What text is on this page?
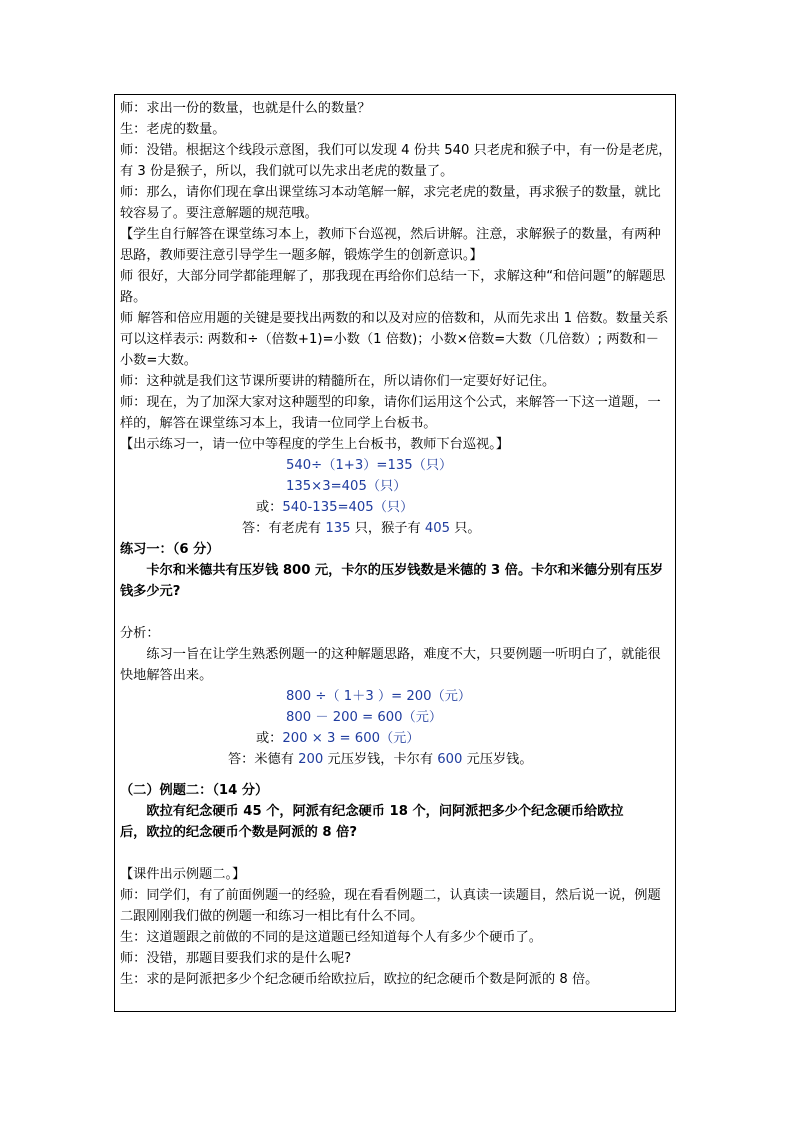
师：求出一份的数量，也就是什么的数量？

生：老虎的数量。

师：没错。根据这个线段示意图，我们可以发现 4 份共 540 只老虎和猴子中，有一份是老虎，有 3 份是猴子，所以，我们就可以先求出老虎的数量了。

师：那么，请你们现在拿出课堂练习本动笔解一解，求完老虎的数量，再求猴子的数量，就比较容易了。要注意解题的规范哦。

【学生自行解答在课堂练习本上，教师下台巡视，然后讲解。注意，求解猴子的数量，有两种思路，教师要注意引导学生一题多解，锻炼学生的创新意识。】

师 很好，大部分同学都能理解了，那我现在再给你们总结一下，求解这种“和倍问题”的解题思路。

师 解答和倍应用题的关键是要找出两数的和以及对应的倍数和，从而先求出 1 倍数。数量关系可以这样表示: 两数和÷（倍数+1)=小数（1 倍数)；小数×倍数=大数（几倍数）; 两数和－小数=大数。

师：这种就是我们这节课所要讲的精髓所在，所以请你们一定要好好记住。

师：现在，为了加深大家对这种题型的印象，请你们运用这个公式，来解答一下这一道题，一样的，解答在课堂练习本上，我请一位同学上台板书。

【出示练习一，请一位中等程度的学生上台板书，教师下台巡视。】

540÷（1+3）=135（只）

135×3=405（只）

或：540-135=405（只）

答：有老虎有 135 只，猴子有 405 只。

练习一：（6 分）

卡尔和米德共有压岁钱 800 元，卡尔的压岁钱数是米德的 3 倍。卡尔和米德分别有压岁钱多少元?

分析：

练习一旨在让学生熟悉例题一的这种解题思路，难度不大，只要例题一听明白了，就能很快地解答出来。

800 ÷（ 1＋3 ）= 200（元）

800 － 200 = 600（元）

或：200 × 3 = 600（元）

答：米德有 200 元压岁钱，卡尔有 600 元压岁钱。

（二）例题二：（14 分）

欧拉有纪念硬币 45 个，阿派有纪念硬币 18 个，问阿派把多少个纪念硬币给欧拉后，欧拉的纪念硬币个数是阿派的 8 倍?

【课件出示例题二。】

师：同学们，有了前面例题一的经验，现在看看例题二，认真读一读题目，然后说一说，例题二跟刚刚我们做的例题一和练习一相比有什么不同。

生：这道题跟之前做的不同的是这道题已经知道每个人有多少个硬币了。

师：没错，那题目要我们求的是什么呢?

生：求的是阿派把多少个纪念硬币给欧拉后，欧拉的纪念硬币个数是阿派的 8 倍。
